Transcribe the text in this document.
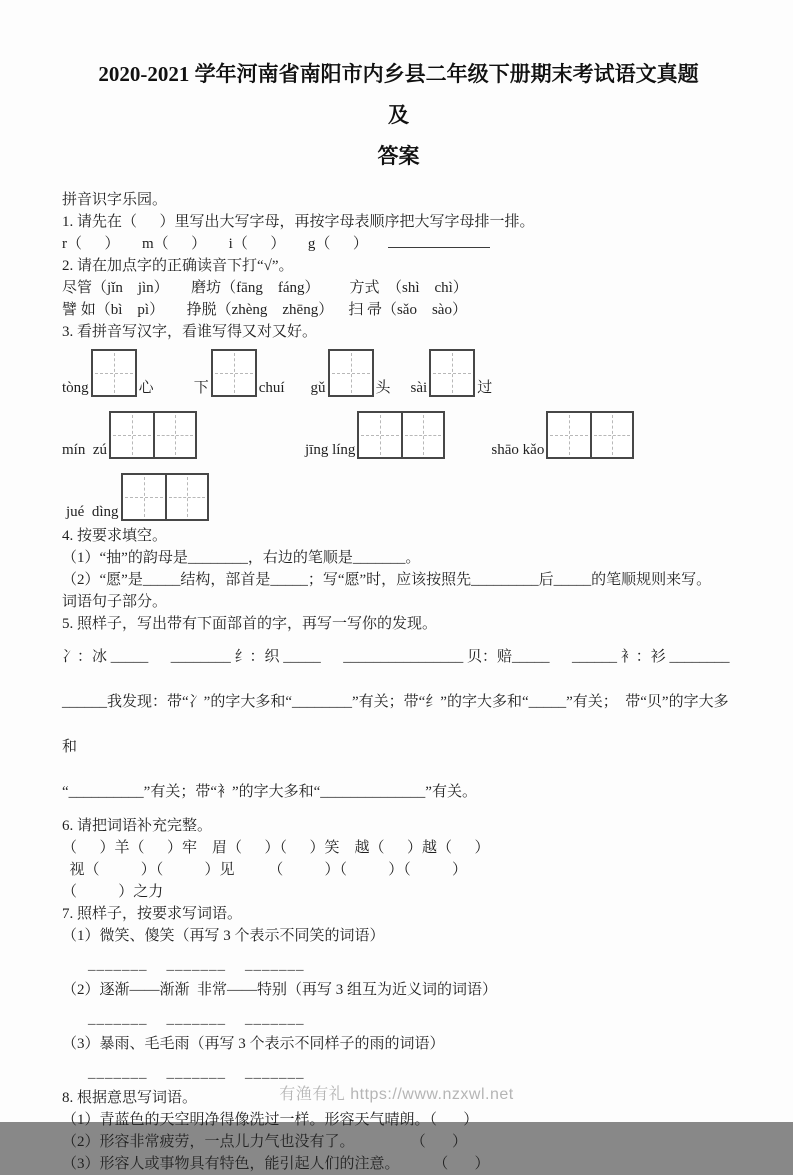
2020-2021 学年河南省南阳市内乡县二年级下册期末考试语文真题及
答案

拼音识字乐园。

1. 请先在（      ）里写出大写字母，再按字母表顺序把大写字母排一排。

r（      ）      m（      ）      i（      ）      g（      ）

2. 请在加点字的正确读音下打“√”。

尽管（jǐn    jìn）      磨坊（fāng    fáng）        方式  （shì    chì）

譬 如（bì    pì）      挣脱（zhèng    zhēng）    扫 帚（sǎo    sào）

3. 看拼音写汉字，看谁写得又对又好。

tòng	心	下	chuí gǔ	头 sài	过
mín  zú	jīng líng	shāo kǎo
jué  dìng

4. 按要求填空。

（1）“抽”的韵母是________，右边的笔顺是_______。

（2）“愿”是_____结构，部首是_____；写“愿”时，应该按照先_________后_____的笔顺规则来写。

词语句子部分。

5. 照样子，写出带有下面部首的字，再写一写你的发现。

冫：冰 _____      ________ 纟：织 _____      ________________ 贝：赔_____      ______ 衤：衫 ________

______我发现：带“冫”的字大多和“________”有关；带“纟”的字大多和“_____”有关；  带“贝”的字大多和

“__________”有关；带“衤”的字大多和“______________”有关。

6. 请把词语补充完整。

（      ）羊（      ）牢    眉（      ）（      ）笑    越（      ）越（      ）

视（           ）（           ）见         （           ）（           ）（           ）

（           ）之力

7. 照样子，按要求写词语。

（1）微笑、傻笑（再写 3 个表示不同笑的词语）

_______    _______    _______

（2）逐渐——渐渐  非常——特别（再写 3 组互为近义词的词语）

_______    _______    _______

（3）暴雨、毛毛雨（再写 3 个表示不同样子的雨的词语）

_______    _______    _______

8. 根据意思写词语。

（1）青蓝色的天空明净得像洗过一样。形容天气晴朗。（       ）

（2）形容非常疲劳，一点儿力气也没有了。               （       ）

（3）形容人或事物具有特色，能引起人们的注意。         （       ）

有渔有礼 https://www.nzxwl.net
